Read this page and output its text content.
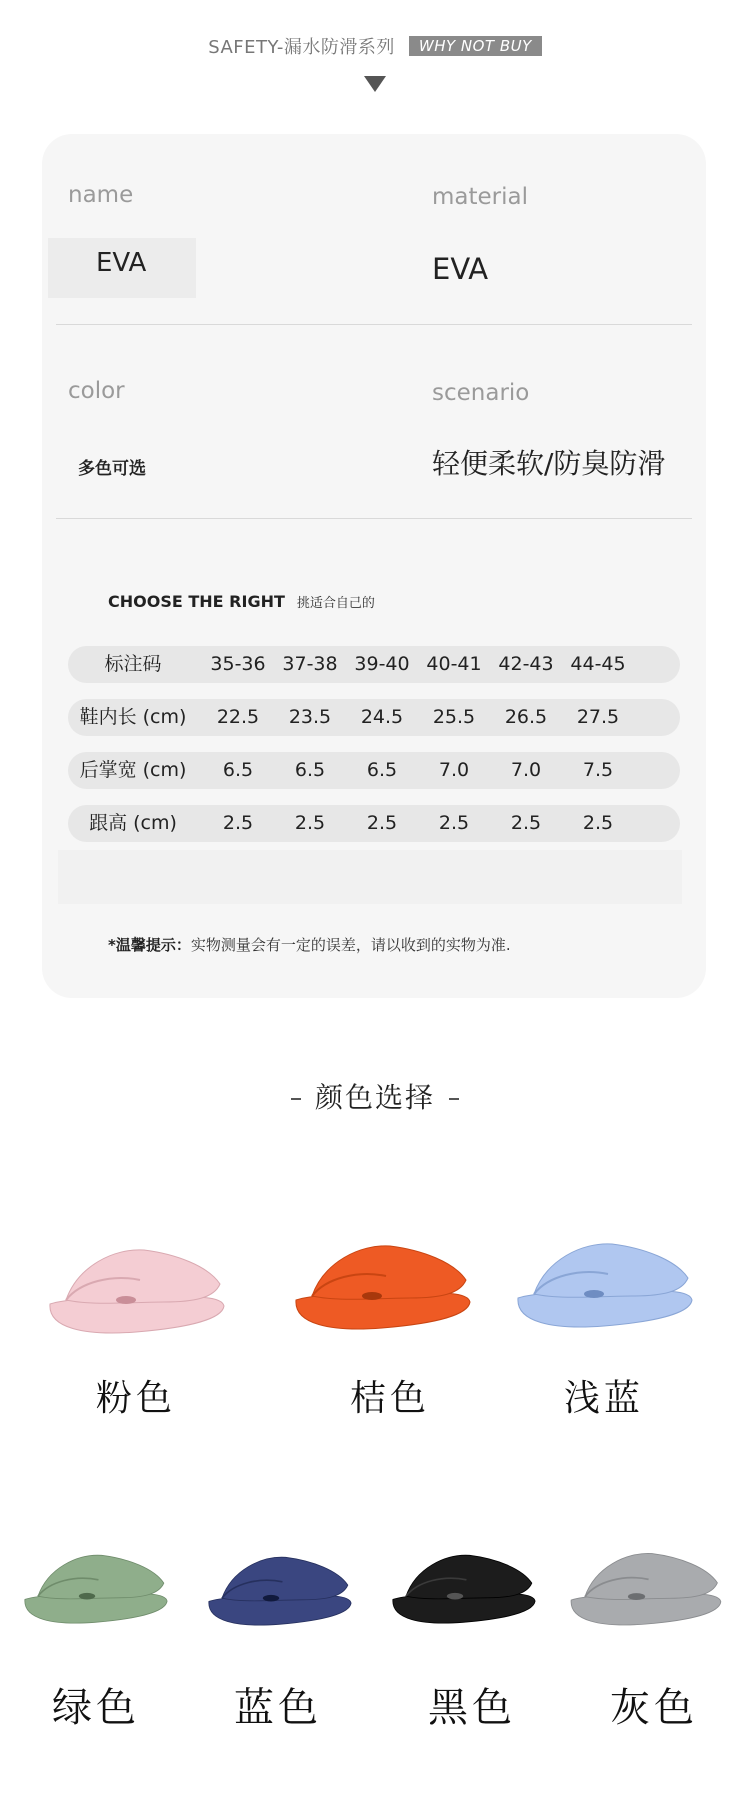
SAFETY-漏水防滑系列	WHY NOT BUY
name
EVA
material
EVA
color
多色可选
scenario
轻便柔软/防臭防滑
CHOOSE THE RIGHT 挑适合自己的
标注码	35-36 37-38 39-40 40-41 42-43 44-45
鞋内长 (cm)	22.5	23.5	24.5	25.5	26.5	27.5
后掌宽 (cm)	6.5	6.5	6.5	7.0	7.0	7.5
跟高 (cm)	2.5	2.5	2.5	2.5	2.5	2.5
*温馨提示：实物测量会有一定的误差，请以收到的实物为准.
颜色选择
粉色	桔色	浅蓝
绿色	蓝色	黑色	灰色
